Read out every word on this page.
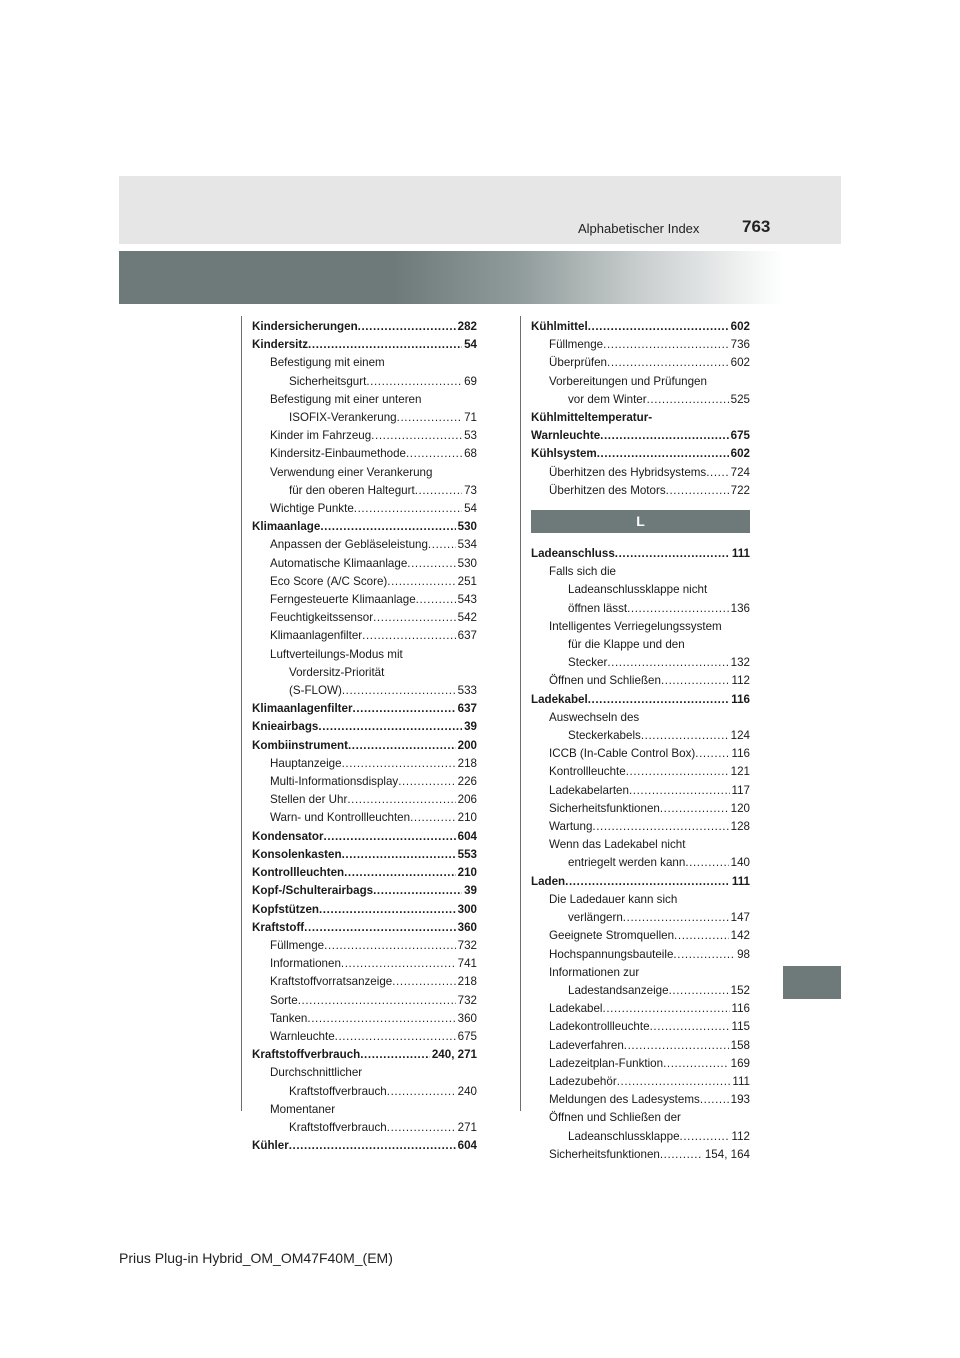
Alphabetischer Index	763
Kindersicherungen .....	282
Kindersitz .....	54
Befestigung mit einem
Sicherheitsgurt .....	69
Befestigung mit einer unteren
ISOFIX-Verankerung .....	71
Kinder im Fahrzeug .....	53
Kindersitz-Einbaumethode .....	68
Verwendung einer Verankerung
für den oberen Haltegurt .....	73
Wichtige Punkte .....	54
Klimaanlage .....	530
Anpassen der Gebläseleistung .....	534
Automatische Klimaanlage .....	530
Eco Score (A/C Score) .....	251
Ferngesteuerte Klimaanlage .....	543
Feuchtigkeitssensor .....	542
Klimaanlagenfilter .....	637
Luftverteilungs-Modus mit
Vordersitz-Priorität
(S-FLOW) .....	533
Klimaanlagenfilter .....	637
Knieairbags .....	39
Kombiinstrument .....	200
Hauptanzeige .....	218
Multi-Informationsdisplay .....	226
Stellen der Uhr .....	206
Warn- und Kontrollleuchten .....	210
Kondensator .....	604
Konsolenkasten .....	553
Kontrollleuchten .....	210
Kopf-/Schulterairbags .....	39
Kopfstützen .....	300
Kraftstoff .....	360
Füllmenge .....	732
Informationen .....	741
Kraftstoffvorratsanzeige .....	218
Sorte .....	732
Tanken .....	360
Warnleuchte .....	675
Kraftstoffverbrauch .....	240, 271
Durchschnittlicher
Kraftstoffverbrauch .....	240
Momentaner
Kraftstoffverbrauch .....	271
Kühler .....	604
Kühlmittel .....	602
Füllmenge .....	736
Überprüfen .....	602
Vorbereitungen und Prüfungen
vor dem Winter .....	525
Kühlmitteltemperatur-
Warnleuchte .....	675
Kühlsystem .....	602
Überhitzen des Hybridsystems ..... 724
Überhitzen des Motors .....	722
L
Ladeanschluss .....	111
Falls sich die
Ladeanschlussklappe nicht
öffnen lässt .....	136
Intelligentes Verriegelungssystem
für die Klappe und den
Stecker .....	132
Öffnen und Schließen .....	112
Ladekabel .....	116
Auswechseln des
Steckerkabels .....	124
ICCB (In-Cable Control Box) .....	116
Kontrollleuchte .....	121
Ladekabelarten .....	117
Sicherheitsfunktionen .....	120
Wartung .....	128
Wenn das Ladekabel nicht
entriegelt werden kann .....	140
Laden .....	111
Die Ladedauer kann sich
verlängern .....	147
Geeignete Stromquellen .....	142
Hochspannungsbauteile .....	98
Informationen zur
Ladestandsanzeige .....	152
Ladekabel .....	116
Ladekontrollleuchte .....	115
Ladeverfahren .....	158
Ladezeitplan-Funktion .....	169
Ladezubehör .....	111
Meldungen des Ladesystems .....	193
Öffnen und Schließen der
Ladeanschlussklappe .....	112
Sicherheitsfunktionen .....	154, 164
Prius Plug-in Hybrid_OM_OM47F40M_(EM)
